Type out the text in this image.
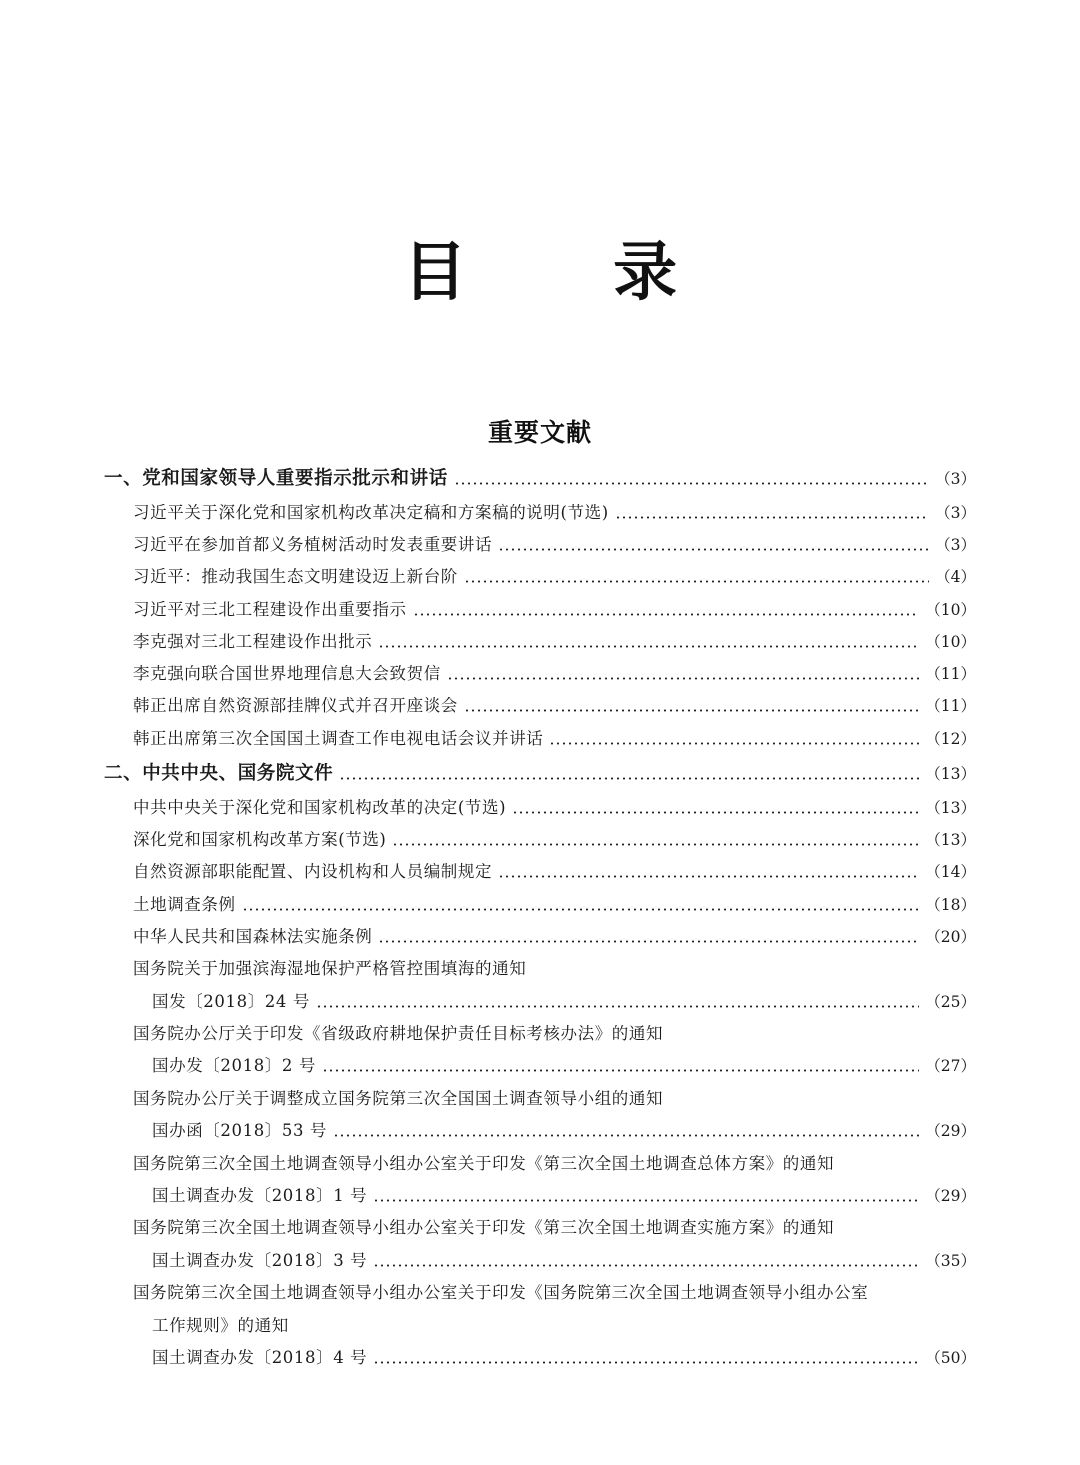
目 录
重要文献
一、党和国家领导人重要指示批示和讲话	（3）
习近平关于深化党和国家机构改革决定稿和方案稿的说明(节选)	（3）
习近平在参加首都义务植树活动时发表重要讲话	（3）
习近平：推动我国生态文明建设迈上新台阶	（4）
习近平对三北工程建设作出重要指示	（10）
李克强对三北工程建设作出批示	（10）
李克强向联合国世界地理信息大会致贺信	（11）
韩正出席自然资源部挂牌仪式并召开座谈会	（11）
韩正出席第三次全国国土调查工作电视电话会议并讲话	（12）
二、中共中央、国务院文件	（13）
中共中央关于深化党和国家机构改革的决定(节选)	（13）
深化党和国家机构改革方案(节选)	（13）
自然资源部职能配置、内设机构和人员编制规定	（14）
土地调查条例	（18）
中华人民共和国森林法实施条例	（20）
国务院关于加强滨海湿地保护严格管控围填海的通知
国发〔2018〕24 号	（25）
国务院办公厅关于印发《省级政府耕地保护责任目标考核办法》的通知
国办发〔2018〕2 号	（27）
国务院办公厅关于调整成立国务院第三次全国国土调查领导小组的通知
国办函〔2018〕53 号	（29）
国务院第三次全国土地调查领导小组办公室关于印发《第三次全国土地调查总体方案》的通知
国土调查办发〔2018〕1 号	（29）
国务院第三次全国土地调查领导小组办公室关于印发《第三次全国土地调查实施方案》的通知
国土调查办发〔2018〕3 号	（35）
国务院第三次全国土地调查领导小组办公室关于印发《国务院第三次全国土地调查领导小组办公室
工作规则》的通知
国土调查办发〔2018〕4 号	（50）
